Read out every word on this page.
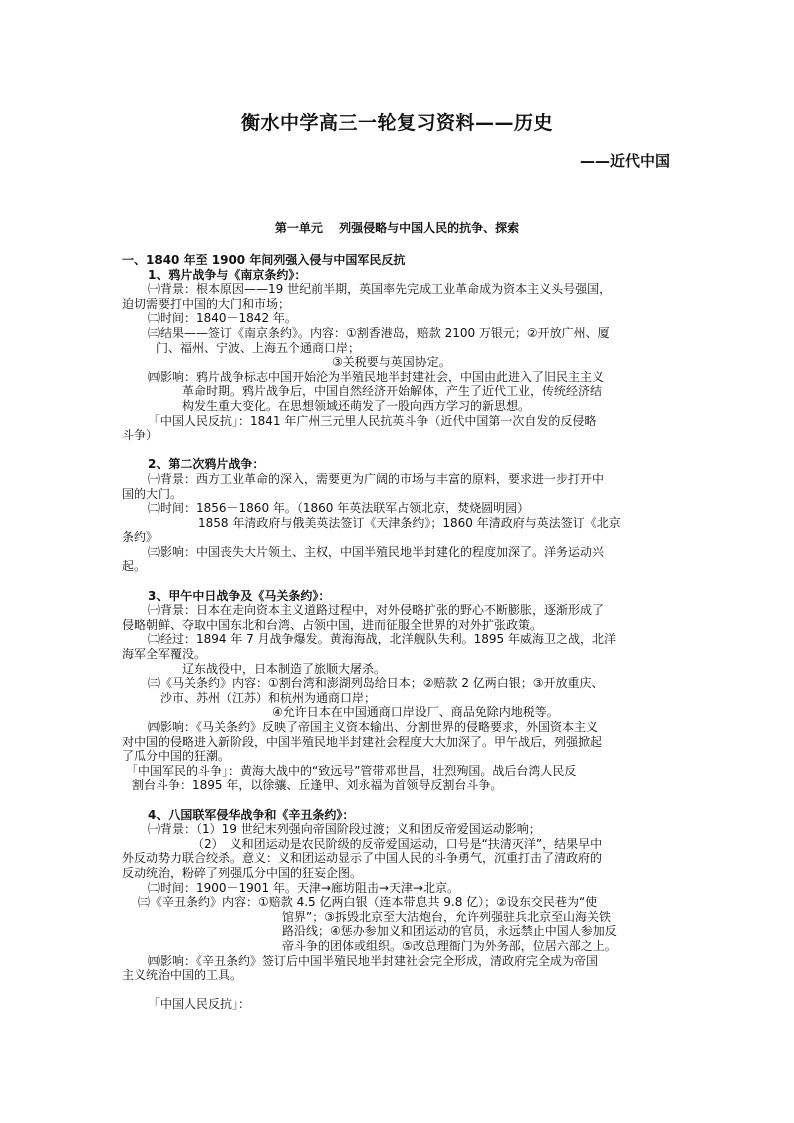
衡水中学高三一轮复习资料——历史
——近代中国
第一单元　 列强侵略与中国人民的抗争、探索
一、1840 年至 1900 年间列强入侵与中国军民反抗
1、鸦片战争与《南京条约》：
㈠背景：根本原因——19 世纪前半期，英国率先完成工业革命成为资本主义头号强国，
迫切需要打中国的大门和市场；
㈡时间：1840－1842 年。
㈢结果——签订《南京条约》。内容：①割香港岛，赔款 2100 万银元；②开放广州、厦
门、福州、宁波、上海五个通商口岸；
③关税要与英国协定。
㈣影响：鸦片战争标志中国开始沦为半殖民地半封建社会，中国由此进入了旧民主主义
革命时期。鸦片战争后，中国自然经济开始解体，产生了近代工业，传统经济结
构发生重大变化。在思想领域还萌发了一股向西方学习的新思想。
「中国人民反抗」：1841 年广州三元里人民抗英斗争（近代中国第一次自发的反侵略
斗争）
2、第二次鸦片战争：
㈠背景：西方工业革命的深入，需要更为广阔的市场与丰富的原料，要求进一步打开中
国的大门。
㈡时间：1856－1860 年。（1860 年英法联军占领北京，焚烧圆明园）
1858 年清政府与俄美英法签订《天津条约》；1860 年清政府与英法签订《北京
条约》
㈢影响：中国丧失大片领土、主权，中国半殖民地半封建化的程度加深了。洋务运动兴
起。
3、甲午中日战争及《马关条约》：
㈠背景：日本在走向资本主义道路过程中，对外侵略扩张的野心不断膨胀，逐渐形成了
侵略朝鲜、夺取中国东北和台湾、占领中国，进而征服全世界的对外扩张政策。
㈡经过：1894 年 7 月战争爆发。黄海海战，北洋舰队失利。1895 年威海卫之战，北洋
海军全军覆没。
辽东战役中，日本制造了旅顺大屠杀。
㈢《马关条约》内容：①割台湾和澎湖列岛给日本；②赔款 2 亿两白银；③开放重庆、
沙市、苏州（江苏）和杭州为通商口岸；
④允许日本在中国通商口岸设厂、商品免除内地税等。
㈣影响：《马关条约》反映了帝国主义资本输出、分割世界的侵略要求，外国资本主义
对中国的侵略进入新阶段，中国半殖民地半封建社会程度大大加深了。甲午战后，列强掀起
了瓜分中国的狂潮。
「中国军民的斗争」：黄海大战中的“致远号”管带邓世昌，壮烈殉国。战后台湾人民反
割台斗争：1895 年，以徐骧、丘逢甲、刘永福为首领导反割台斗争。
4、八国联军侵华战争和《辛丑条约》：
㈠背景：（1）19 世纪末列强向帝国阶段过渡；义和团反帝爱国运动影响；
（2）　义和团运动是农民阶级的反帝爱国运动，口号是“扶清灭洋”，结果早中
外反动势力联合绞杀。意义：义和团运动显示了中国人民的斗争勇气，沉重打击了清政府的
反动统治，粉碎了列强瓜分中国的狂妄企图。
㈡时间：1900－1901 年。天津→廊坊阻击→天津→北京。
㈢《辛丑条约》内容：①赔款 4.5 亿两白银（连本带息共 9.8 亿）；②设东交民巷为“使
馆界”；③拆毁北京至大沽炮台，允许列强驻兵北京至山海关铁
路沿线；④惩办参加义和团运动的官员，永远禁止中国人参加反
帝斗争的团体或组织。⑤改总理衙门为外务部，位居六部之上。
㈣影响：《辛丑条约》签订后中国半殖民地半封建社会完全形成，清政府完全成为帝国
主义统治中国的工具。
「中国人民反抗」：
